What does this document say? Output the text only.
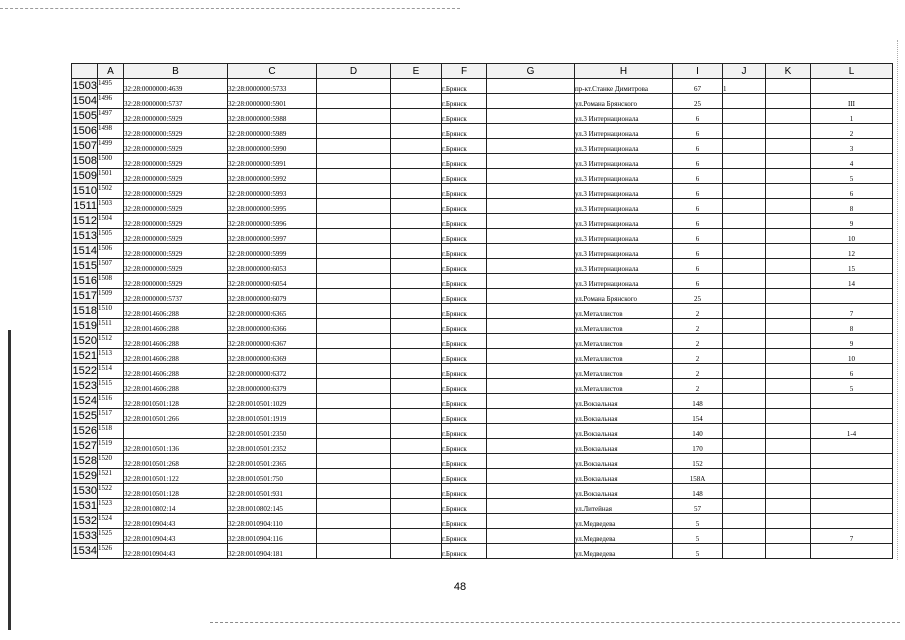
	A	B	C	D	E	F	G	H	I	J	K	L
1503	1495	32:28:0000000:4639	32:28:0000000:5733			г.Брянск		пр-кт.Станке Димитрова	67	1		
1504	1496	32:28:0000000:5737	32:28:0000000:5901			г.Брянск		ул.Романа Брянского	25			III
1505	1497	32:28:0000000:5929	32:28:0000000:5988			г.Брянск		ул.3 Интернационала	6			1
1506	1498	32:28:0000000:5929	32:28:0000000:5989			г.Брянск		ул.3 Интернационала	6			2
1507	1499	32:28:0000000:5929	32:28:0000000:5990			г.Брянск		ул.3 Интернационала	6			3
1508	1500	32:28:0000000:5929	32:28:0000000:5991			г.Брянск		ул.3 Интернационала	6			4
1509	1501	32:28:0000000:5929	32:28:0000000:5992			г.Брянск		ул.3 Интернационала	6			5
1510	1502	32:28:0000000:5929	32:28:0000000:5993			г.Брянск		ул.3 Интернационала	6			6
1511	1503	32:28:0000000:5929	32:28:0000000:5995			г.Брянск		ул.3 Интернационала	6			8
1512	1504	32:28:0000000:5929	32:28:0000000:5996			г.Брянск		ул.3 Интернационала	6			9
1513	1505	32:28:0000000:5929	32:28:0000000:5997			г.Брянск		ул.3 Интернационала	6			10
1514	1506	32:28:0000000:5929	32:28:0000000:5999			г.Брянск		ул.3 Интернационала	6			12
1515	1507	32:28:0000000:5929	32:28:0000000:6053			г.Брянск		ул.3 Интернационала	6			15
1516	1508	32:28:0000000:5929	32:28:0000000:6054			г.Брянск		ул.3 Интернационала	6			14
1517	1509	32:28:0000000:5737	32:28:0000000:6079			г.Брянск		ул.Романа Брянского	25			
1518	1510	32:28:0014606:288	32:28:0000000:6365			г.Брянск		ул.Металлистов	2			7
1519	1511	32:28:0014606:288	32:28:0000000:6366			г.Брянск		ул.Металлистов	2			8
1520	1512	32:28:0014606:288	32:28:0000000:6367			г.Брянск		ул.Металлистов	2			9
1521	1513	32:28:0014606:288	32:28:0000000:6369			г.Брянск		ул.Металлистов	2			10
1522	1514	32:28:0014606:288	32:28:0000000:6372			г.Брянск		ул.Металлистов	2			6
1523	1515	32:28:0014606:288	32:28:0000000:6379			г.Брянск		ул.Металлистов	2			5
1524	1516	32:28:0010501:128	32:28:0010501:1029			г.Брянск		ул.Вокзальная	148			
1525	1517	32:28:0010501:266	32:28:0010501:1919			г.Брянск		ул.Вокзальная	154			
1526	1518		32:28:0010501:2350			г.Брянск		ул.Вокзальная	140			1-4
1527	1519	32:28:0010501:136	32:28:0010501:2352			г.Брянск		ул.Вокзальная	170			
1528	1520	32:28:0010501:268	32:28:0010501:2365			г.Брянск		ул.Вокзальная	152			
1529	1521	32:28:0010501:122	32:28:0010501:750			г.Брянск		ул.Вокзальная	158А			
1530	1522	32:28:0010501:128	32:28:0010501:931			г.Брянск		ул.Вокзальная	148			
1531	1523	32:28:0010802:14	32:28:0010802:145			г.Брянск		ул.Литейная	57			
1532	1524	32:28:0010904:43	32:28:0010904:110			г.Брянск		ул.Медведева	5			
1533	1525	32:28:0010904:43	32:28:0010904:116			г.Брянск		ул.Медведева	5			7
1534	1526	32:28:0010904:43	32:28:0010904:181			г.Брянск		ул.Медведева	5			
48
